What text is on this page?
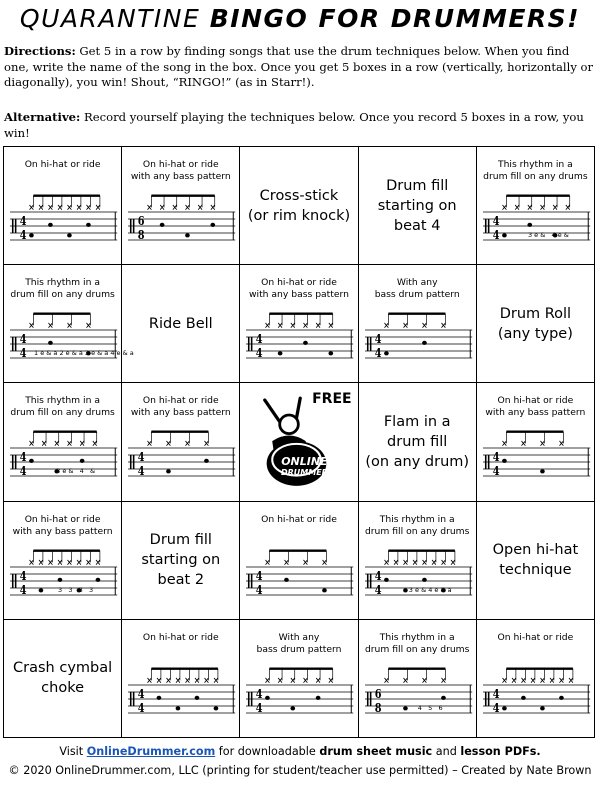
QUARANTINE BINGO FOR DRUMMERS!
Directions: Get 5 in a row by finding songs that use the drum techniques below. When you find one, write the name of the song in the box. Once you get 5 boxes in a row (vertically, horizontally or diagonally), you win! Shout, “RINGO!” (as in Starr!).
Alternative: Record yourself playing the techniques below. Once you record 5 boxes in a row, you win!
On hi-hat or ride
4
4
On hi-hat or ride
with any bass pattern
6
8
Cross-stick
(or rim knock)
Drum fill
starting on
beat 4
This rhythm in a
drum fill on any drums
4
4	3 e &   4 e &
This rhythm in a
drum fill on any drums
4
4 1 e & a 2 e & a 3 e & a 4 e & a
Ride Bell
On hi-hat or ride
with any bass pattern
4
4
With any
bass drum pattern
4
4
Drum Roll
(any type)
This rhythm in a
drum fill on any drums
4
4	3 e &   4   &
On hi-hat or ride
with any bass pattern
4
4
FREE
ONLINE
DRUMMER
Flam in a
drum fill
(on any drum)
On hi-hat or ride
with any bass pattern
4
4
On hi-hat or ride
with any bass pattern
4
4	3   3   3   3
Drum fill
starting on
beat 2
On hi-hat or ride
4
4
This rhythm in a
drum fill on any drums
4
4	3 e & 4 e & a
Open hi-hat
technique
Crash cymbal
choke
On hi-hat or ride
4
4
With any
bass drum pattern
4
4
This rhythm in a
drum fill on any drums
6
8	4   5   6
On hi-hat or ride
4
4
Visit OnlineDrummer.com for downloadable drum sheet music and lesson PDFs.
© 2020 OnlineDrummer.com, LLC (printing for student/teacher use permitted) – Created by Nate Brown
